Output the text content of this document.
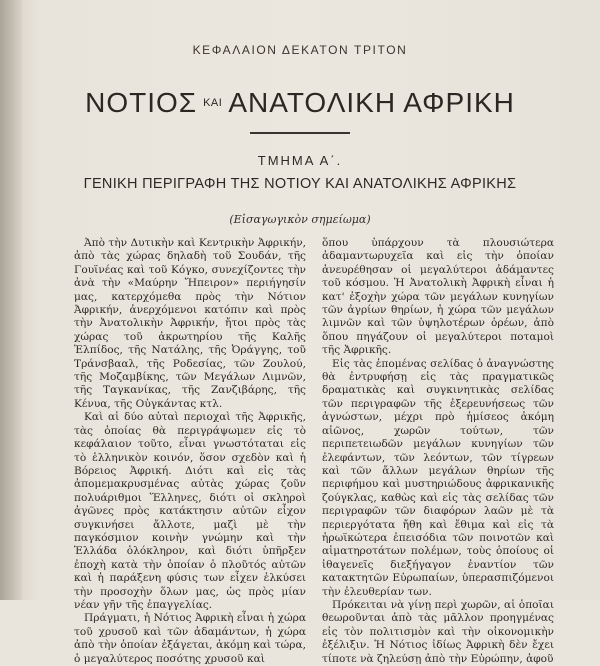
ΚΕΦΑΛΑΙΟΝ ΔΕΚΑΤΟΝ ΤΡΙΤΟΝ
ΝΟΤΙΟΣ ΚΑΙ ΑΝΑΤΟΛΙΚΗ ΑΦΡΙΚΗ
ΤΜΗΜΑ Α΄.
ΓΕΝΙΚΗ ΠΕΡΙΓΡΑΦΗ ΤΗΣ ΝΟΤΙΟΥ ΚΑΙ ΑΝΑΤΟΛΙΚΗΣ ΑΦΡΙΚΗΣ
(Εἰσαγωγικὸν σημείωμα)

Ἀπὸ τὴν Δυτικὴν καὶ Κεντρικὴν Ἀφρικήν, ἀπὸ τὰς χώρας δηλαδὴ τοῦ Σουδάν, τῆς Γουϊνέας καὶ τοῦ Κόγκο, συνεχίζοντες τὴν ἀνὰ τὴν «Μαύρην Ἤπειρον» περιήγησίν μας, κατερχόμεθα πρὸς τὴν Νότιον Ἀφρικήν, ἀνερχόμενοι κατόπιν καὶ πρὸς τὴν Ἀνατολικὴν Ἀφρικήν, ἤτοι πρὸς τὰς χώρας τοῦ ἀκρωτηρίου τῆς Καλῆς Ἐλπίδος, τῆς Νατάλης, τῆς Ὀράγγης, τοῦ Τράνσβααλ, τῆς Ροδεσίας, τῶν Ζουλού, τῆς Μοζαμβίκης, τῶν Μεγάλων Λιμνῶν, τῆς Ταγκανίκας, τῆς Ζανζιβάρης, τῆς Κένυα, τῆς Οὐγκάντας κτλ.

Καὶ αἱ δύο αὐταὶ περιοχαὶ τῆς Ἀφρικῆς, τὰς ὁποίας θὰ περιγράψωμεν εἰς τὸ κεφάλαιον τοῦτο, εἶναι γνωστόταται εἰς τὸ ἑλληνικὸν κοινόν, ὅσον σχεδὸν καὶ ἡ Βόρειος Ἀφρική. Διότι καὶ εἰς τὰς ἀπομεμακρυσμένας αὐτὰς χώρας ζοῦν πολυάριθμοι Ἕλληνες, διότι οἱ σκληροὶ ἀγῶνες πρὸς κατάκτησιν αὐτῶν εἶχον συγκινήσει ἄλλοτε, μαζὶ μὲ τὴν παγκόσμιον κοινὴν γνώμην καὶ τὴν Ἑλλάδα ὁλόκληρον, καὶ διότι ὑπῆρξεν ἐποχὴ κατὰ τὴν ὁποίαν ὁ πλοῦτός αὐτῶν καὶ ἡ παράξενη φύσις των εἶχεν ἑλκύσει τὴν προσοχὴν ὅλων μας, ὡς πρὸς μίαν νέαν γῆν τῆς ἐπαγγελίας.

Πράγματι, ἡ Νότιος Ἀφρικὴ εἶναι ἡ χώρα τοῦ χρυσοῦ καὶ τῶν ἀδαμάντων, ἡ χώρα ἀπὸ τὴν ὁποίαν ἐξάγεται, ἀκόμη καὶ τώρα, ὁ μεγαλύτερος ποσότης χρυσοῦ καὶ

ὅπου ὑπάρχουν τὰ πλουσιώτερα ἀδαμαντωρυχεῖα καὶ εἰς τὴν ὁποίαν ἀνευρέθησαν οἱ μεγαλύτεροι ἀδάμαντες τοῦ κόσμου. Ἡ Ἀνατολικὴ Ἀφρικὴ εἶναι ἡ κατ' ἐξοχὴν χώρα τῶν μεγάλων κυνηγίων τῶν ἀγρίων θηρίων, ἡ χώρα τῶν μεγάλων λιμνῶν καὶ τῶν ὑψηλοτέρων ὀρέων, ἀπὸ ὅπου πηγάζουν οἱ μεγαλύτεροι ποταμοὶ τῆς Ἀφρικῆς.

Εἰς τὰς ἑπομένας σελίδας ὁ ἀναγνώστης θὰ ἐντρυφήσῃ εἰς τὰς πραγματικῶς δραματικὰς καὶ συγκινητικὰς σελίδας τῶν περιγραφῶν τῆς ἐξερευνήσεως τῶν ἀγνώστων, μέχρι πρὸ ἡμίσεος ἀκόμη αἰῶνος, χωρῶν τούτων, τῶν περιπετειωδῶν μεγάλων κυνηγίων τῶν ἐλεφάντων, τῶν λεόντων, τῶν τίγρεων καὶ τῶν ἄλλων μεγάλων θηρίων τῆς περιφήμου καὶ μυστηριώδους ἀφρικανικῆς ζούγκλας, καθὼς καὶ εἰς τὰς σελίδας τῶν περιγραφῶν τῶν διαφόρων λαῶν μὲ τὰ περιεργότατα ἤθη καὶ ἔθιμα καὶ εἰς τὰ ἡρωϊκώτερα ἐπεισόδια τῶν ποινοτῶν καὶ αἱματηροτάτων πολέμων, τοὺς ὁποίους οἱ ἰθαγενεῖς διεξήγαγον ἐναντίον τῶν κατακτητῶν Εὐρωπαίων, ὑπερασπιζόμενοι τὴν ἐλευθερίαν των.

Πρόκειται νὰ γίνῃ περὶ χωρῶν, αἱ ὁποῖαι θεωροῦνται ἀπὸ τὰς μᾶλλον προηγμένας εἰς τὸν πολιτισμὸν καὶ τὴν οἰκονομικὴν ἐξέλιξιν. Ἡ Νότιος ἰδίως Ἀφρικὴ δὲν ἔχει τίποτε νὰ ζηλεύσῃ ἀπὸ τὴν Εὐρώπην, ἀφοῦ
